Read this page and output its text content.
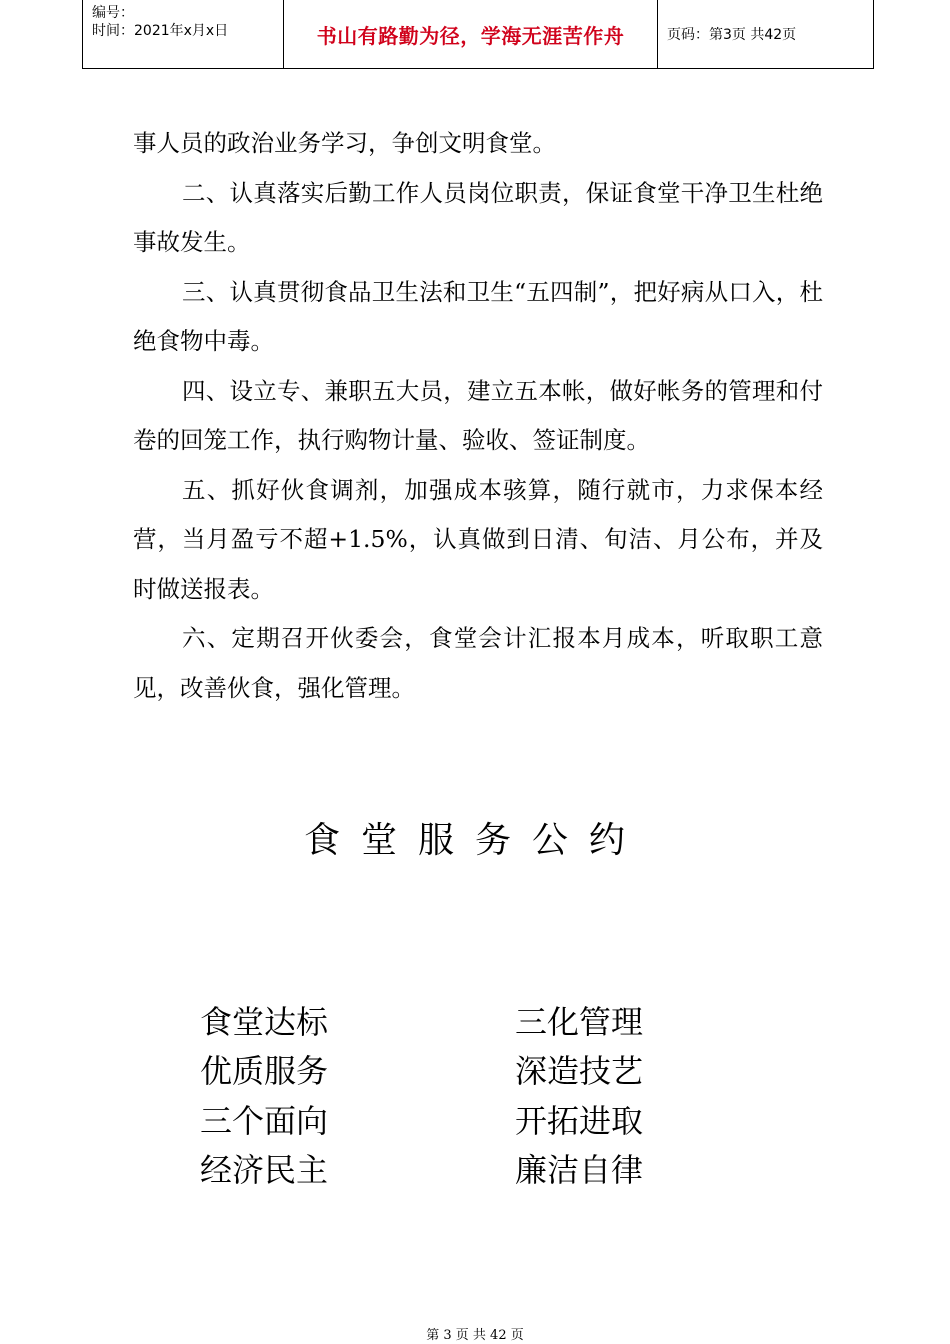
编号：
时间：2021年x月x日	书山有路勤为径，学海无涯苦作舟	页码：第3页 共42页

事人员的政治业务学习，争创文明食堂。

二、认真落实后勤工作人员岗位职责，保证食堂干净卫生杜绝事故发生。

三、认真贯彻食品卫生法和卫生“五四制”，把好病从口入，杜绝食物中毒。

四、设立专、兼职五大员，建立五本帐，做好帐务的管理和付卷的回笼工作，执行购物计量、验收、签证制度。

五、抓好伙食调剂，加强成本骇算，随行就市，力求保本经营，当月盈亏不超+1.5%，认真做到日清、旬洁、月公布，并及时做送报表。

六、定期召开伙委会，食堂会计汇报本月成本，听取职工意见，改善伙食，强化管理。

食堂服务公约
食堂达标	三化管理
优质服务	深造技艺
三个面向	开拓进取
经济民主	廉洁自律
第 3 页 共 42 页
